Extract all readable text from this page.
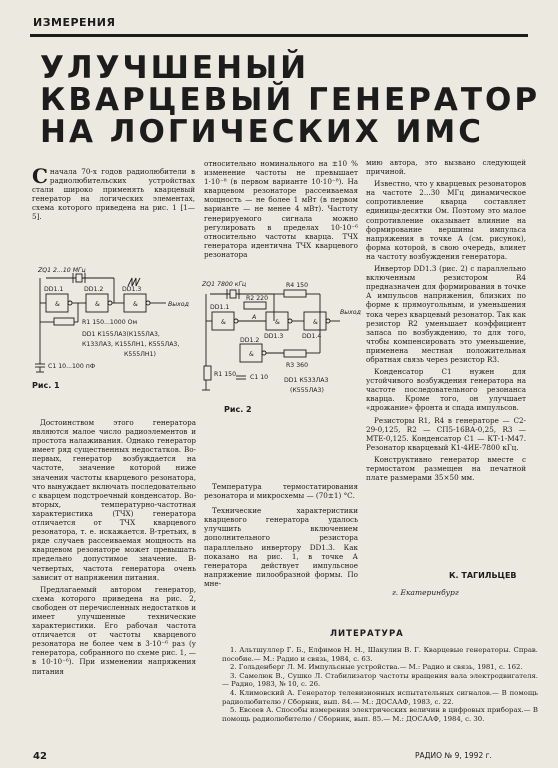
ИЗМЕРЕНИЯ
УЛУЧШЕНЫЙ
КВАРЦЕВЫЙ ГЕНЕРАТОР
НА ЛОГИЧЕСКИХ ИМС
Сначала 70-х годов радиолюбители в радиолюбительских устройствах стали широко применять кварцевый генератор на логических элементах, схема которого приведена на рис. 1 [1—5].

относительно номинального на ±10 % изменение частоты не превышает 1·10⁻⁸ (в первом варианте 10·10⁻⁸). На кварцевом резонаторе рассеиваемая мощность — не более 1 мВт (в первом варианте — не менее 4 мВт). Частоту генерируемого сигнала можно регулировать в пределах 10·10⁻⁶ относительно частоты кварца. ТЧХ генератора идентична ТЧХ кварцевого резонатора

ZQ1 2...10 МГц
&	&	&
DD1.1	DD1.2	DD1.3
Выход
R1 150...1000 Ом
DD1 К155ЛА3(К155ЛА3,
К133ЛА3, К155ЛН1, К555ЛА3,
К555ЛН1)
C1 10...100 пФ
Рис. 1
ZQ1 7800 кГц	R4 150
R2 220
&	&	&
DD1.1
DD1.3	DD1.4
Выход
A
&
DD1.2
R3 360
R1 150 C1 10	DD1 К533ЛА3
(К555ЛА3)
Рис. 2

Достоинством этого генератора являются малое число радиоэлементов и простота налаживания. Однако генератор имеет ряд существенных недостатков. Во-первых, генератор возбуждается на частоте, значение которой ниже значения частоты кварцевого резонатора, что вынуждает включать последовательно с кварцем подстроечный конденсатор. Во-вторых, температурно-частотная характеристика (ТЧХ) генератора отличается от ТЧХ кварцевого резонатора, т. е. искажается. В-третьих, в ряде случаев рассеиваемая мощность на кварцевом резонаторе может превышать предельно допустимое значение. В-четвертых, частота генератора очень зависит от напряжения питания.

Предлагаемый автором генератор, схема которого приведена на рис. 2, свободен от перечисленных недостатков и имеет улучшенные технические характеристики. Его рабочая частота отличается от частоты кварцевого резонатора не более чем в 3·10⁻⁶ раз (у генератора, собранного по схеме рис. 1, — в 10·10⁻⁶). При изменении напряжения питания

Температура термостатирования резонатора и микросхемы — (70±1) °С.

Технические характеристики кварцевого генератора удалось улучшить включением дополнительного резистора параллельно инвертору DD1.3. Как показано на рис. 1, в точке А генератора действует импульсное напряжение пилообразной формы. По мне-

мию автора, это вызвано следующей причиной.

Известно, что у кварцевых резонаторов на частоте 2...30 МГц динамическое сопротивление кварца составляет единицы-десятки Ом. Поэтому это малое сопротивление оказывает влияние на формирование вершины импульса напряжения в точке А (см. рисунок), форма которой, в свою очередь, влияет на частоту возбуждения генератора.

Инвертор DD1.3 (рис. 2) с параллельно включенным резистором R4 предназначен для формирования в точке А импульсов напряжения, близких по форме к прямоугольным, и уменьшения тока через кварцевый резонатор. Так как резистор R2 уменьшает коэффициент запаса по возбуждению, то для того, чтобы компенсировать это уменьшение, применена местная положительная обратная связь через резистор R3.

Конденсатор C1 нужен для устойчивого возбуждения генератора на частоте последовательного резонанса кварца. Кроме того, он улучшает «дрожание» фронта и спада импульсов.

Резисторы R1, R4 в генераторе — С2-29-0,125, R2 — СП5-16ВА-0,25, R3 — МТЕ-0,125. Конденсатор C1 — КТ-1-М47. Резонатор кварцевый К1-4ИЕ-7800 кГц.

Конструктивно генератор вместе с термостатом размещен на печатной плате размерами 35×50 мм.

К. ТАГИЛЬЦЕВ
г. Екатеринбург
ЛИТЕРАТУРА

1. Альтшуллер Г. Б., Елфимов Н. Н., Шакулин В. Г. Кварцевые генераторы. Справ. пособие.— М.: Радио и связь, 1984, с. 63.

2. Гольденберг Л. М. Импульсные устройства.— М.: Радио и связь, 1981, с. 162.

3. Самелюк В., Сушко Л. Стабилизатор частоты вращения вала электродвигателя.— Радио, 1983, № 10, с. 26.

4. Климовский А. Генератор телевизионных испытательных сигналов.— В помощь радиолюбителю / Сборник, вып. 84.— М.: ДОСААФ, 1983, с. 22.

5. Евсеев А. Способы измерения электрических величин в цифровых приборах.— В помощь радиолюбителю / Сборник, вып. 85.— М.: ДОСААФ, 1984, с. 30.

42	РАДИО № 9, 1992 г.
